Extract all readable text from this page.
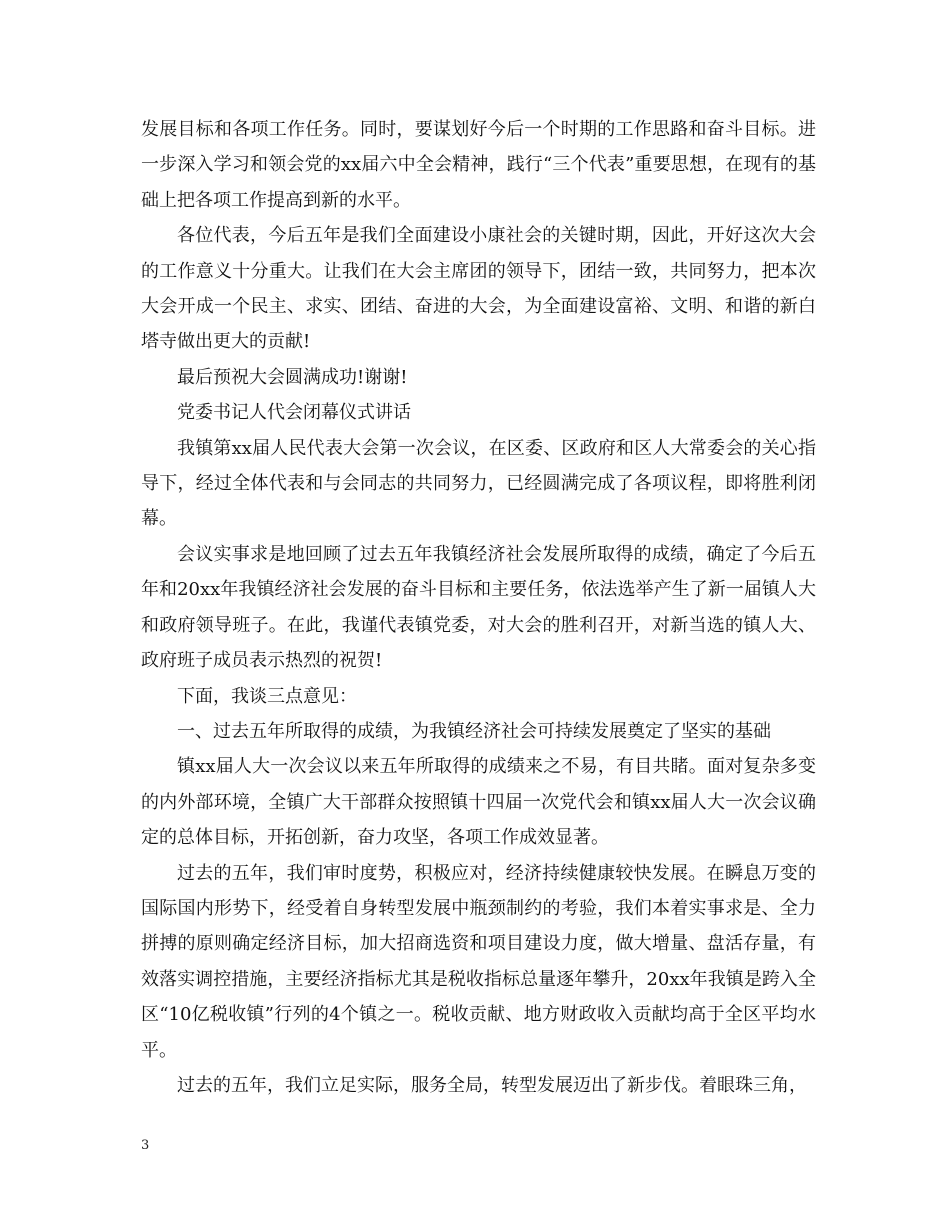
发展目标和各项工作任务。同时，要谋划好今后一个时期的工作思路和奋斗目标。进一步深入学习和领会党的xx届六中全会精神，践行“三个代表”重要思想，在现有的基础上把各项工作提高到新的水平。

各位代表，今后五年是我们全面建设小康社会的关键时期，因此，开好这次大会的工作意义十分重大。让我们在大会主席团的领导下，团结一致，共同努力，把本次大会开成一个民主、求实、团结、奋进的大会，为全面建设富裕、文明、和谐的新白塔寺做出更大的贡献!

最后预祝大会圆满成功!谢谢!

党委书记人代会闭幕仪式讲话

我镇第xx届人民代表大会第一次会议，在区委、区政府和区人大常委会的关心指导下，经过全体代表和与会同志的共同努力，已经圆满完成了各项议程，即将胜利闭幕。

会议实事求是地回顾了过去五年我镇经济社会发展所取得的成绩，确定了今后五年和20xx年我镇经济社会发展的奋斗目标和主要任务，依法选举产生了新一届镇人大和政府领导班子。在此，我谨代表镇党委，对大会的胜利召开，对新当选的镇人大、政府班子成员表示热烈的祝贺!

下面，我谈三点意见：

一、过去五年所取得的成绩，为我镇经济社会可持续发展奠定了坚实的基础

镇xx届人大一次会议以来五年所取得的成绩来之不易，有目共睹。面对复杂多变的内外部环境，全镇广大干部群众按照镇十四届一次党代会和镇xx届人大一次会议确定的总体目标，开拓创新，奋力攻坚，各项工作成效显著。

过去的五年，我们审时度势，积极应对，经济持续健康较快发展。在瞬息万变的国际国内形势下，经受着自身转型发展中瓶颈制约的考验，我们本着实事求是、全力拼搏的原则确定经济目标，加大招商选资和项目建设力度，做大增量、盘活存量，有效落实调控措施，主要经济指标尤其是税收指标总量逐年攀升，20xx年我镇是跨入全区“10亿税收镇”行列的4个镇之一。税收贡献、地方财政收入贡献均高于全区平均水平。

过去的五年，我们立足实际，服务全局，转型发展迈出了新步伐。着眼珠三角，

3
